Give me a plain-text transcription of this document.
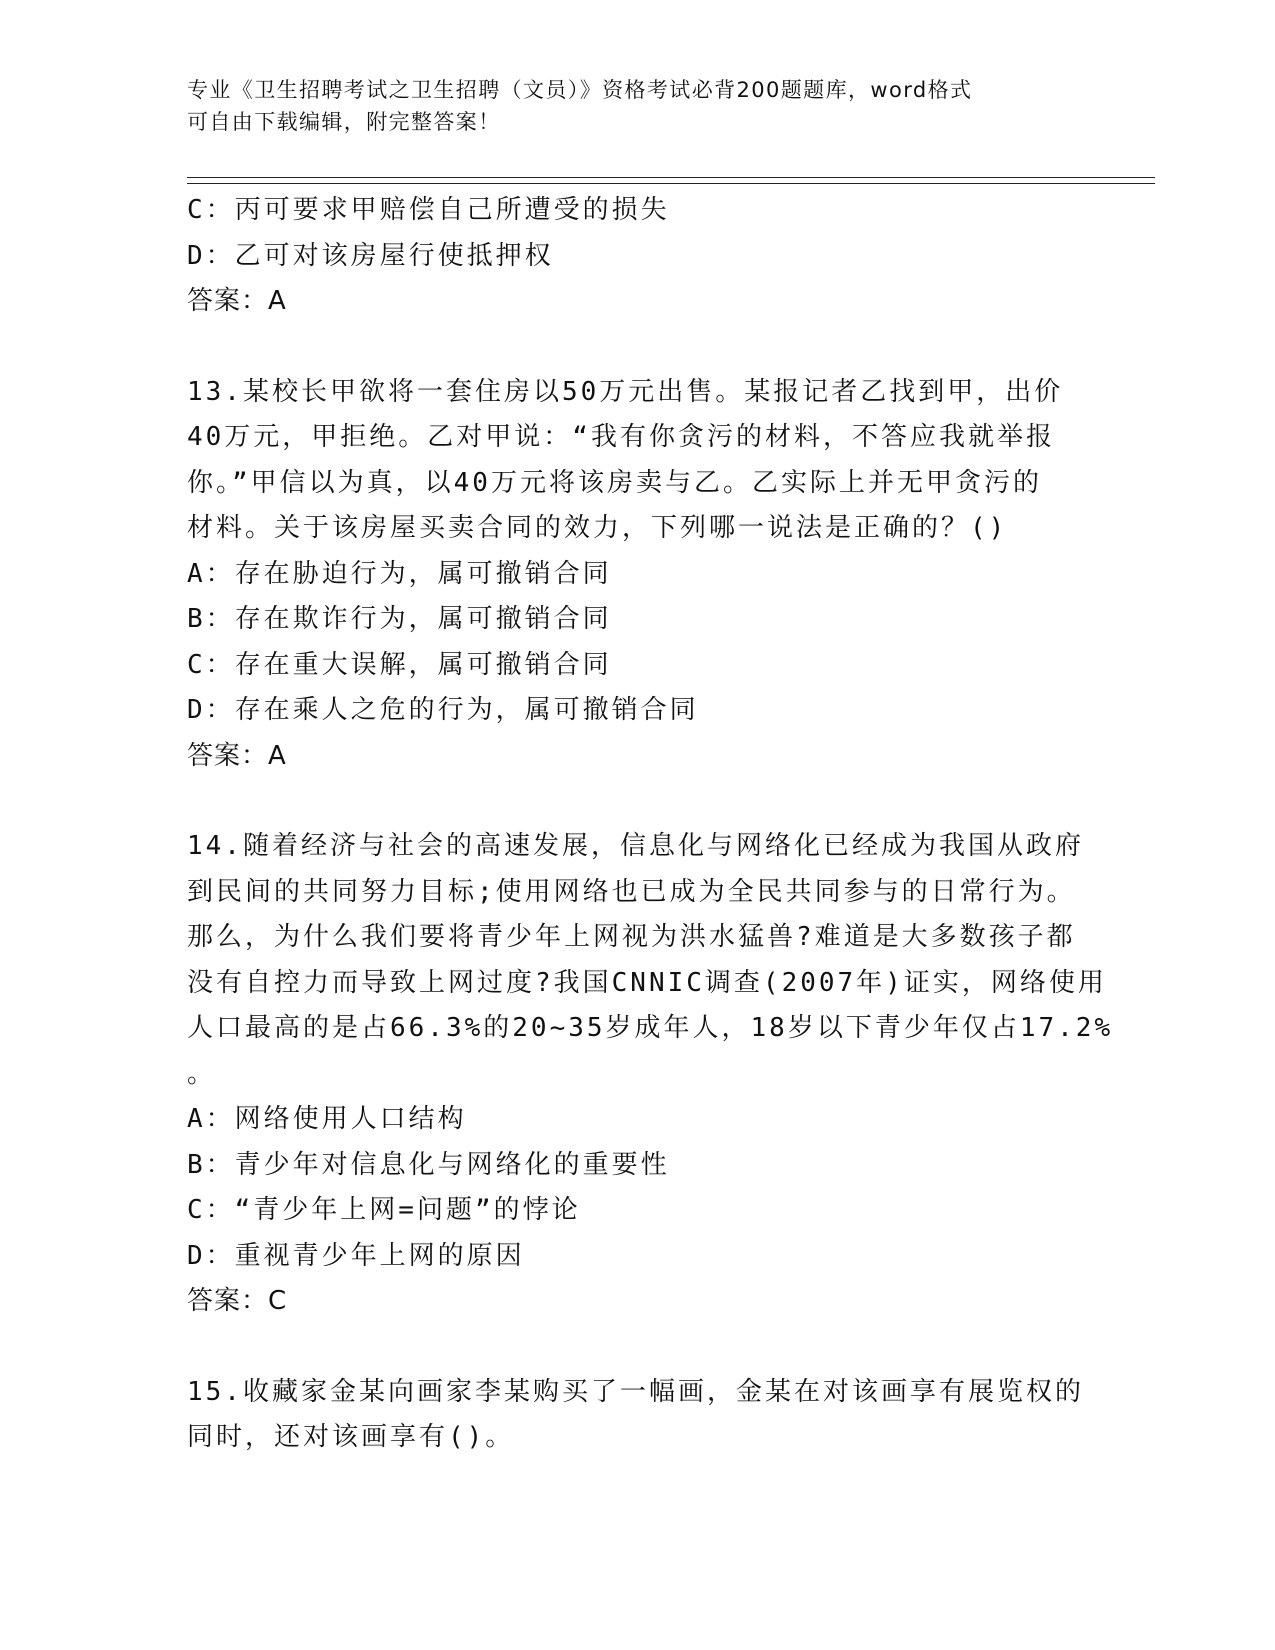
专业《卫生招聘考试之卫生招聘（文员）》资格考试必背200题题库，word格式
可自由下载编辑，附完整答案！
C：丙可要求甲赔偿自己所遭受的损失
D：乙可对该房屋行使抵押权
答案：A
13.某校长甲欲将一套住房以50万元出售。某报记者乙找到甲，出价
40万元，甲拒绝。乙对甲说：“我有你贪污的材料，不答应我就举报
你。”甲信以为真，以40万元将该房卖与乙。乙实际上并无甲贪污的
材料。关于该房屋买卖合同的效力，下列哪一说法是正确的？()
A：存在胁迫行为，属可撤销合同
B：存在欺诈行为，属可撤销合同
C：存在重大误解，属可撤销合同
D：存在乘人之危的行为，属可撤销合同
答案：A
14.随着经济与社会的高速发展，信息化与网络化已经成为我国从政府
到民间的共同努力目标;使用网络也已成为全民共同参与的日常行为。
那么，为什么我们要将青少年上网视为洪水猛兽?难道是大多数孩子都
没有自控力而导致上网过度?我国CNNIC调查(2007年)证实，网络使用
人口最高的是占66.3%的20~35岁成年人，18岁以下青少年仅占17.2%
。
A：网络使用人口结构
B：青少年对信息化与网络化的重要性
C：“青少年上网=问题”的悖论
D：重视青少年上网的原因
答案：C
15.收藏家金某向画家李某购买了一幅画，金某在对该画享有展览权的
同时，还对该画享有()。
